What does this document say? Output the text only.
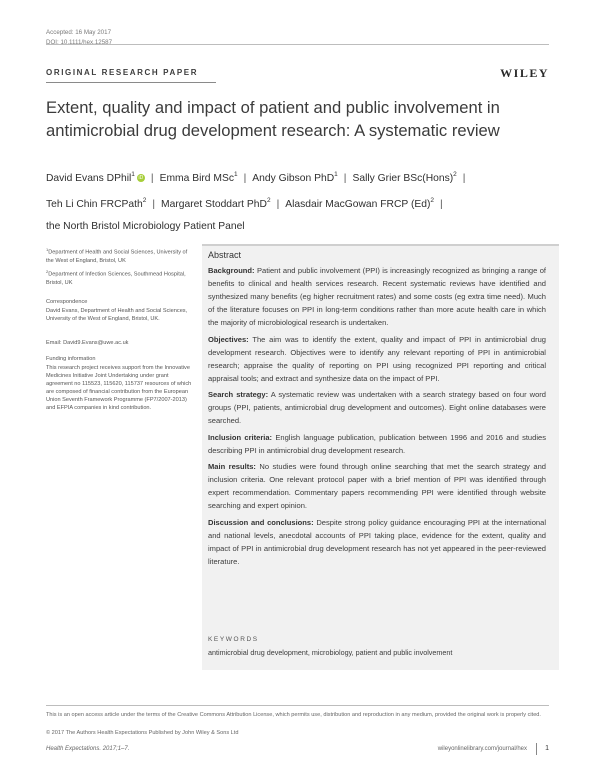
Accepted: 16 May 2017
DOI: 10.1111/hex.12587
ORIGINAL RESEARCH PAPER	WILEY
Extent, quality and impact of patient and public involvement in antimicrobial drug development research: A systematic review
David Evans DPhil$^1$ iD | Emma Bird MSc$^1$ | Andy Gibson PhD$^1$ | Sally Grier BSc(Hons)$^2$ |
Teh Li Chin FRCPath$^2$ | Margaret Stoddart PhD$^2$ | Alasdair MacGowan FRCP $(Ed)^2$ |
the North Bristol Microbiology Patient Panel
$^1$Department of Health and Social Sciences, University of the West of England, Bristol, UK
$^2$Department of Infection Sciences, Southmead Hospital, Bristol, UK
Correspondence
David Evans, Department of Health and Social Sciences, University of the West of England, Bristol, UK.
Email: David9.Evans@uwe.ac.uk
Funding information
This research project receives support from the Innovative Medicines Initiative Joint Undertaking under grant agreement no 115523, 115620, 115737 resources of which are composed of financial contribution from the European Union Seventh Framework Programme (FP7/2007-2013) and EFPIA companies in kind contribution.
Abstract

Background: Patient and public involvement (PPI) is increasingly recognized as bringing a range of benefits to clinical and health services research. Recent systematic reviews have identified and synthesized many benefits (eg higher recruitment rates) and some costs (eg extra time need). Much of the literature focuses on PPI in long-term conditions rather than more acute health care in which the majority of microbiological research is undertaken.

Objectives: The aim was to identify the extent, quality and impact of PPI in antimicrobial drug development research. Objectives were to identify any relevant reporting of PPI in antimicrobial research; appraise the quality of reporting on PPI using recognized PPI reporting and critical appraisal tools; and extract and synthesize data on the impact of PPI.

Search strategy: A systematic review was undertaken with a search strategy based on four word groups (PPI, patients, antimicrobial drug development and outcomes). Eight online databases were searched.

Inclusion criteria: English language publication, publication between 1996 and 2016 and studies describing PPI in antimicrobial drug development research.

Main results: No studies were found through online searching that met the search strategy and inclusion criteria. One relevant protocol paper with a brief mention of PPI was identified through expert recommendation. Commentary papers recommending PPI were identified through website searching and expert opinion.

Discussion and conclusions: Despite strong policy guidance encouraging PPI at the international and national levels, anecdotal accounts of PPI taking place, evidence for the extent, quality and impact of PPI in antimicrobial drug development research has not yet appeared in the peer-reviewed literature.

KEYWORDS
antimicrobial drug development, microbiology, patient and public involvement
This is an open access article under the terms of the Creative Commons Attribution License, which permits use, distribution and reproduction in any medium, provided the original work is properly cited.
© 2017 The Authors Health Expectations Published by John Wiley & Sons Ltd
Health Expectations. 2017;1–7.	wileyonlinelibrary.com/journal/hex	1
